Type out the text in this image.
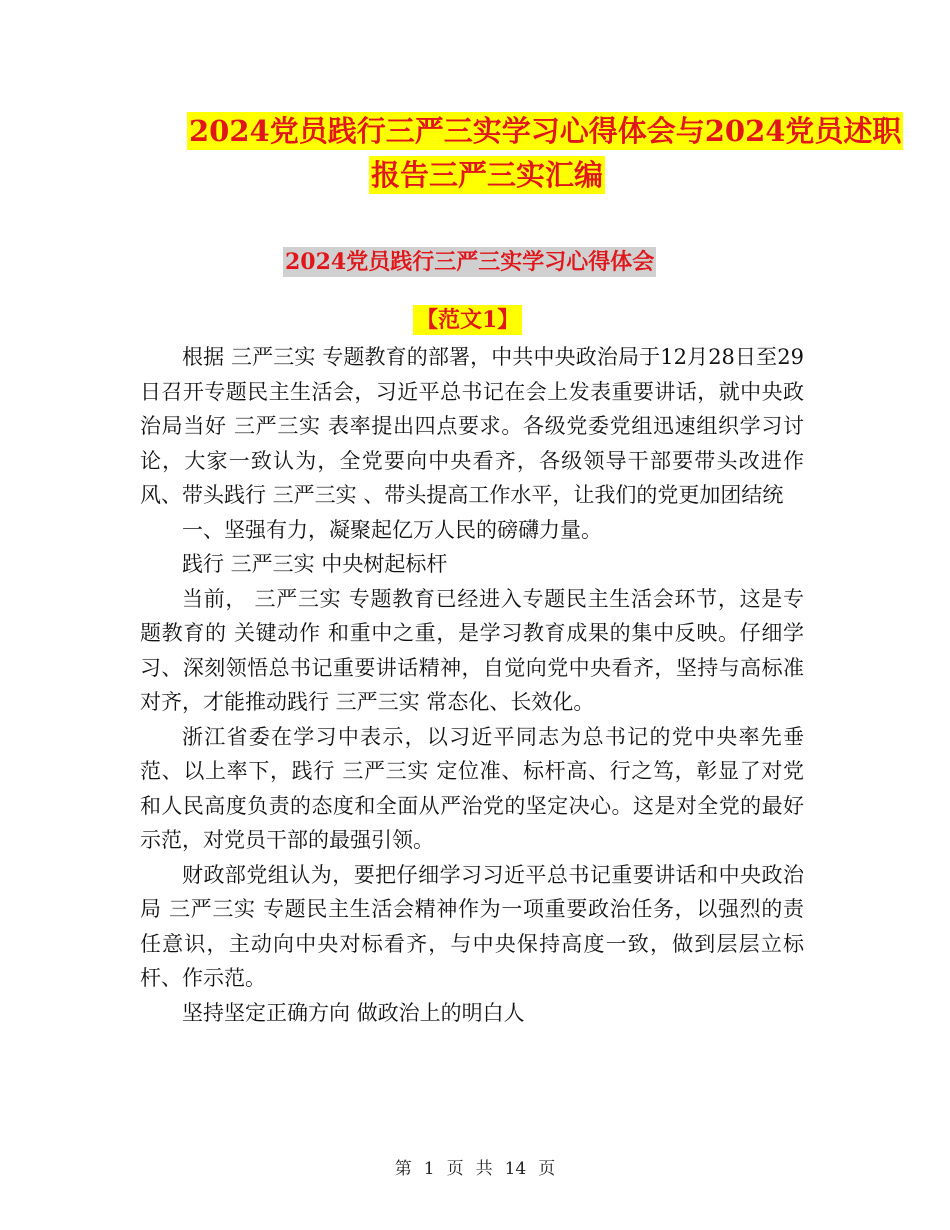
2024党员践行三严三实学习心得体会与2024党员述职
报告三严三实汇编
2024党员践行三严三实学习心得体会
【范文1】

根据 三严三实 专题教育的部署，中共中央政治局于12月28日至29日召开专题民主生活会，习近平总书记在会上发表重要讲话，就中央政治局当好 三严三实 表率提出四点要求。各级党委党组迅速组织学习讨论，大家一致认为，全党要向中央看齐，各级领导干部要带头改进作风、带头践行 三严三实 、带头提高工作水平，让我们的党更加团结统

一、坚强有力，凝聚起亿万人民的磅礴力量。

践行 三严三实 中央树起标杆

当前， 三严三实 专题教育已经进入专题民主生活会环节，这是专题教育的 关键动作 和重中之重，是学习教育成果的集中反映。仔细学习、深刻领悟总书记重要讲话精神，自觉向党中央看齐，坚持与高标准对齐，才能推动践行 三严三实 常态化、长效化。

浙江省委在学习中表示，以习近平同志为总书记的党中央率先垂范、以上率下，践行 三严三实 定位准、标杆高、行之笃，彰显了对党和人民高度负责的态度和全面从严治党的坚定决心。这是对全党的最好示范，对党员干部的最强引领。

财政部党组认为，要把仔细学习习近平总书记重要讲话和中央政治局 三严三实 专题民主生活会精神作为一项重要政治任务，以强烈的责任意识，主动向中央对标看齐，与中央保持高度一致，做到层层立标杆、作示范。

坚持坚定正确方向 做政治上的明白人

第 1 页 共 14 页
